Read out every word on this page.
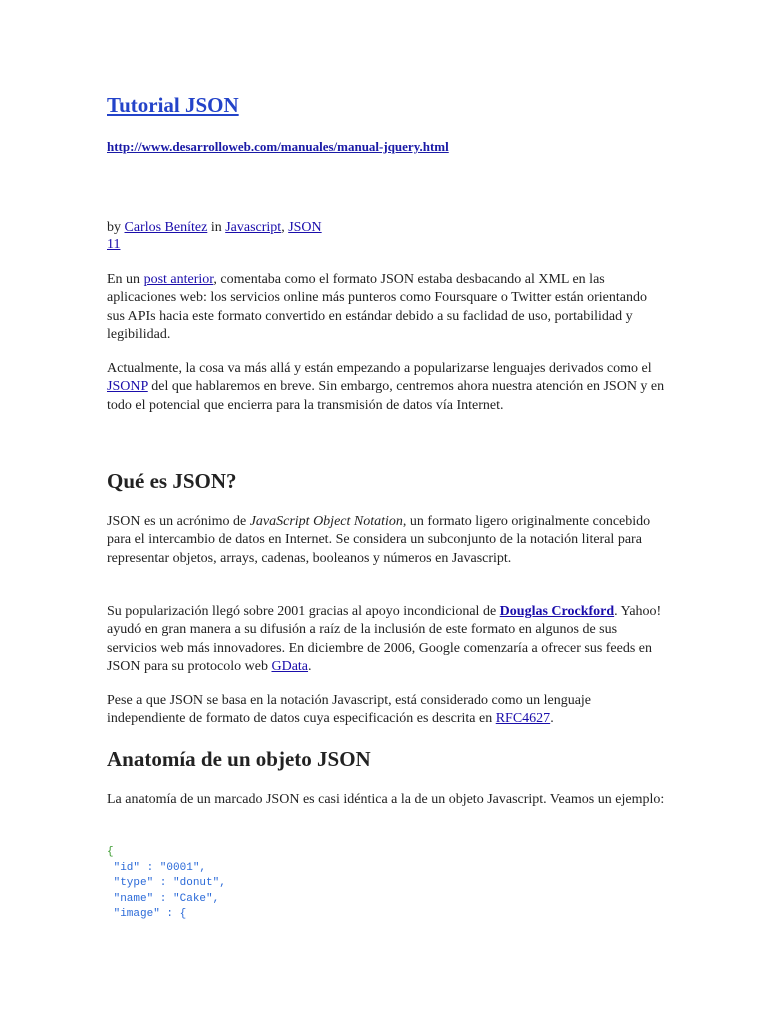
Tutorial JSON
http://www.desarrolloweb.com/manuales/manual-jquery.html
by Carlos Benítez in Javascript, JSON
11

En un post anterior, comentaba como el formato JSON estaba desbacando al XML en las aplicaciones web: los servicios online más punteros como Foursquare o Twitter están orientando sus APIs hacia este formato convertido en estándar debido a su faclidad de uso, portabilidad y legibilidad.

Actualmente, la cosa va más allá y están empezando a popularizarse lenguajes derivados como el JSONP del que hablaremos en breve. Sin embargo, centremos ahora nuestra atención en JSON y en todo el potencial que encierra para la transmisión de datos vía Internet.

Qué es JSON?

JSON es un acrónimo de JavaScript Object Notation, un formato ligero originalmente concebido para el intercambio de datos en Internet. Se considera un subconjunto de la notación literal para representar objetos, arrays, cadenas, booleanos y números en Javascript.

Su popularización llegó sobre 2001 gracias al apoyo incondicional de Douglas Crockford. Yahoo! ayudó en gran manera a su difusión a raíz de la inclusión de este formato en algunos de sus servicios web más innovadores. En diciembre de 2006, Google comenzaría a ofrecer sus feeds en JSON para su protocolo web GData.

Pese a que JSON se basa en la notación Javascript, está considerado como un lenguaje independiente de formato de datos cuya especificación es descrita en RFC4627.

Anatomía de un objeto JSON

La anatomía de un marcado JSON es casi idéntica a la de un objeto Javascript. Veamos un ejemplo:

{
"id" : "0001",
"type" : "donut",
"name" : "Cake",
"image" : {
